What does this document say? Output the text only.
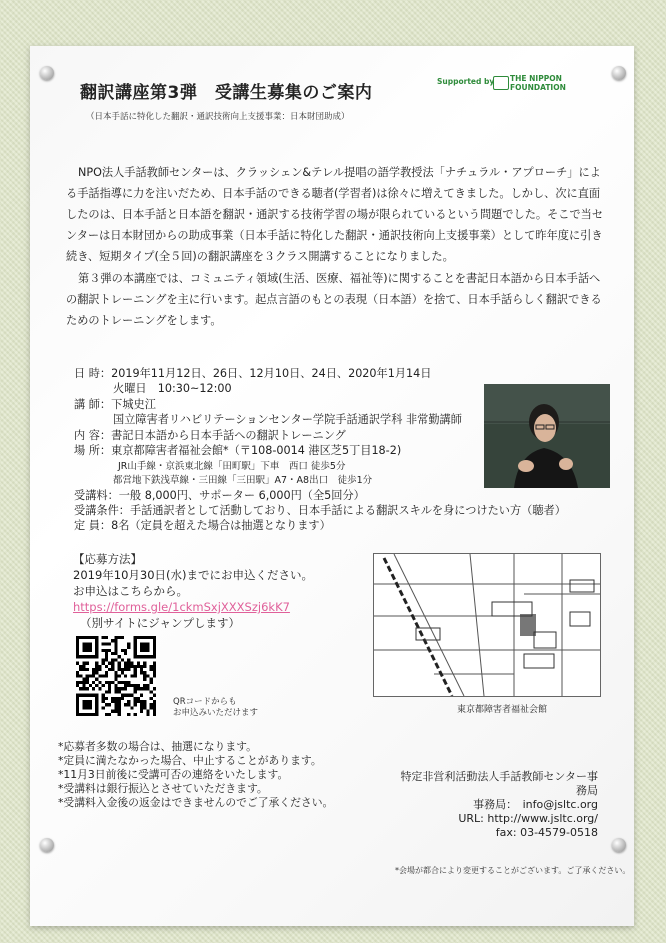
翻訳講座第3弾　受講生募集のご案内
（日本手話に特化した翻訳・通訳技術向上支援事業：日本財団助成）
Supported by THE NIPPON
FOUNDATION
NPO法人手話教師センターは、クラッシェン&テレル提唱の語学教授法「ナチュラル・アプローチ」による手話指導に力を注いだため、日本手話のできる聴者(学習者)は徐々に増えてきました。しかし、次に直面したのは、日本手話と日本語を翻訳・通訳する技術学習の場が限られているという問題でした。そこで当センターは日本財団からの助成事業（日本手話に特化した翻訳・通訳技術向上支援事業）として昨年度に引き続き、短期タイプ(全５回)の翻訳講座を３クラス開講することになりました。
第３弾の本講座では、コミュニティ領域(生活、医療、福祉等)に関することを書記日本語から日本手話への翻訳トレーニングを主に行います。起点言語のもとの表現（日本語）を捨て、日本手話らしく翻訳できるためのトレーニングをします。
日 時：2019年11月12日、26日、12月10日、24日、2020年1月14日
火曜日　10:30~12:00
講 師：下城史江
国立障害者リハビリテーションセンター学院手話通訳学科 非常勤講師
内 容：書記日本語から日本手話への翻訳トレーニング
場 所：東京都障害者福祉会館*（〒108-0014 港区芝5丁目18-2)
JR山手線・京浜東北線「田町駅」下車　西口 徒歩5分
都営地下鉄浅草線・三田線「三田駅」A7・A8出口　徒歩1分
受講料：一般 8,000円、サポーター 6,000円（全5回分）
受講条件：手話通訳者として活動しており、日本手話による翻訳スキルを身につけたい方（聴者）
定 員：8名（定員を超えた場合は抽選となります）
【応募方法】
2019年10月30日(水)までにお申込ください。
お申込はこちらから。
https://forms.gle/1ckmSxjXXXSzj6kK7
（別サイトにジャンプします）
QRコードからも
お申込みいただけます	東京都障害者福祉会館
*応募者多数の場合は、抽選になります。
*定員に満たなかった場合、中止することがあります。
*11月3日前後に受講可否の連絡をいたします。
*受講料は銀行振込とさせていただきます。
*受講料入金後の返金はできませんのでご了承ください。
特定非営利活動法人手話教師センター事務局
事務局：　info@jsltc.org
URL: http://www.jsltc.org/
fax: 03-4579-0518
*会場が都合により変更することがございます。ご了承ください。
